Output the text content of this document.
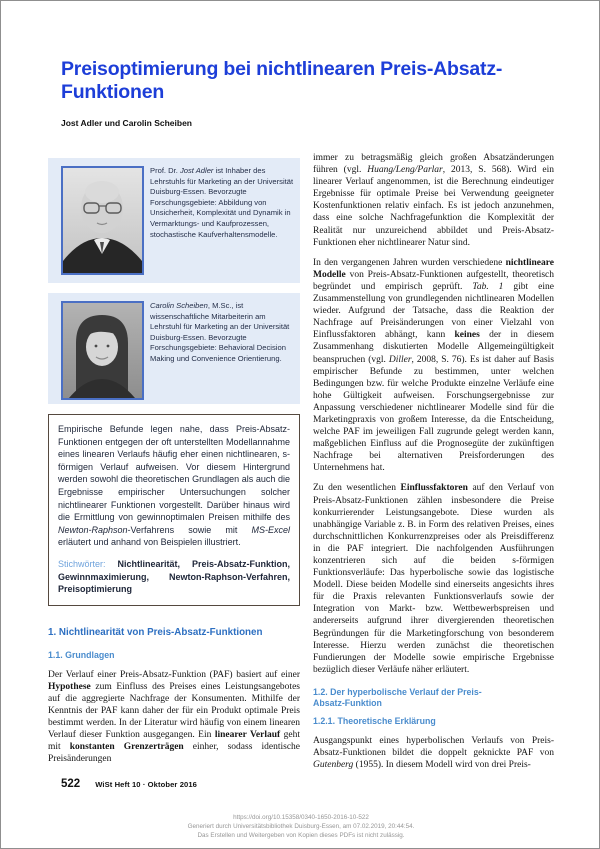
Preisoptimierung bei nichtlinearen Preis-Absatz-Funktionen
Jost Adler und Carolin Scheiben
Prof. Dr. Jost Adler ist Inhaber des Lehrstuhls für Marketing an der Universität Duisburg-Essen. Bevorzugte Forschungsgebiete: Abbildung von Unsicherheit, Komplexität und Dynamik in Vermarktungs- und Kaufprozessen, stochastische Kaufverhaltensmodelle.
Carolin Scheiben, M.Sc., ist wissenschaftliche Mitarbeiterin am Lehrstuhl für Marketing an der Universität Duisburg-Essen. Bevorzugte Forschungsgebiete: Behavioral Decision Making und Convenience Orientierung.
Empirische Befunde legen nahe, dass Preis-Absatz-Funktionen entgegen der oft unterstellten Modellannahme eines linearen Verlaufs häufig eher einen nichtlinearen, s-förmigen Verlauf aufweisen. Vor diesem Hintergrund werden sowohl die theoretischen Grundlagen als auch die Ergebnisse empirischer Untersuchungen solcher nichtlinearer Funktionen vorgestellt. Darüber hinaus wird die Ermittlung von gewinnoptimalen Preisen mithilfe des Newton-Raphson-Verfahrens sowie mit MS-Excel erläutert und anhand von Beispielen illustriert.
Stichwörter: Nichtlinearität, Preis-Absatz-Funktion, Gewinnmaximierung, Newton-Raphson-Verfahren, Preisoptimierung
1. Nichtlinearität von Preis-Absatz-Funktionen
1.1. Grundlagen
Der Verlauf einer Preis-Absatz-Funktion (PAF) basiert auf einer Hypothese zum Einfluss des Preises eines Leistungsangebotes auf die aggregierte Nachfrage der Konsumenten. Mithilfe der Kenntnis der PAF kann daher der für ein Produkt optimale Preis bestimmt werden. In der Literatur wird häufig von einem linearen Verlauf dieser Funktion ausgegangen. Ein linearer Verlauf geht mit konstanten Grenzerträgen einher, sodass identische Preisänderungen
immer zu betragsmäßig gleich großen Absatzänderungen führen (vgl. Huang/Leng/Parlar, 2013, S. 568). Wird ein linearer Verlauf angenommen, ist die Berechnung eindeutiger Ergebnisse für optimale Preise bei Verwendung geeigneter Kostenfunktionen relativ einfach. Es ist jedoch anzunehmen, dass eine solche Nachfragefunktion die Komplexität der Realität nur unzureichend abbildet und Preis-Absatz-Funktionen eher nichtlinearer Natur sind.
In den vergangenen Jahren wurden verschiedene nichtlineare Modelle von Preis-Absatz-Funktionen aufgestellt, theoretisch begründet und empirisch geprüft. Tab. 1 gibt eine Zusammenstellung von grundlegenden nichtlinearen Modellen wieder. Aufgrund der Tatsache, dass die Reaktion der Nachfrage auf Preisänderungen von einer Vielzahl von Einflussfaktoren abhängt, kann keines der in diesem Zusammenhang diskutierten Modelle Allgemeingültigkeit beanspruchen (vgl. Diller, 2008, S. 76). Es ist daher auf Basis empirischer Befunde zu bestimmen, unter welchen Bedingungen bzw. für welche Produkte einzelne Verläufe eine hohe Gültigkeit aufweisen. Forschungsergebnisse zur Anpassung verschiedener nichtlinearer Modelle sind für die Marketingpraxis von großem Interesse, da die Entscheidung, welche PAF im jeweiligen Fall zugrunde gelegt werden kann, maßgeblichen Einfluss auf die Prognosegüte der zukünftigen Nachfrage bei alternativen Preisforderungen des Unternehmens hat.
Zu den wesentlichen Einflussfaktoren auf den Verlauf von Preis-Absatz-Funktionen zählen insbesondere die Preise konkurrierender Leistungsangebote. Diese wurden als unabhängige Variable z. B. in Form des relativen Preises, eines durchschnittlichen Konkurrenzpreises oder als Preisdifferenz in die PAF integriert. Die nachfolgenden Ausführungen konzentrieren sich auf die beiden s-förmigen Funktionsverläufe: Das hyperbolische sowie das logistische Modell. Diese beiden Modelle sind einerseits angesichts ihres für die Praxis relevanten Funktionsverlaufs sowie der Integration von Markt- bzw. Wettbewerbspreisen und andererseits aufgrund ihrer divergierenden theoretischen Begründungen für die Marketingforschung von besonderem Interesse. Hierzu werden zunächst die theoretischen Fundierungen der Modelle sowie empirische Ergebnisse bezüglich dieser Verläufe näher erläutert.
1.2. Der hyperbolische Verlauf der Preis-Absatz-Funktion
1.2.1. Theoretische Erklärung
Ausgangspunkt eines hyperbolischen Verlaufs von Preis-Absatz-Funktionen bildet die doppelt geknickte PAF von Gutenberg (1955). In diesem Modell wird von drei Preis-
522 WiSt Heft 10 · Oktober 2016
https://doi.org/10.15358/0340-1650-2016-10-522
Generiert durch Universitätsbibliothek Duisburg-Essen, am 07.02.2019, 20:44:54.
Das Erstellen und Weitergeben von Kopien dieses PDFs ist nicht zulässig.
